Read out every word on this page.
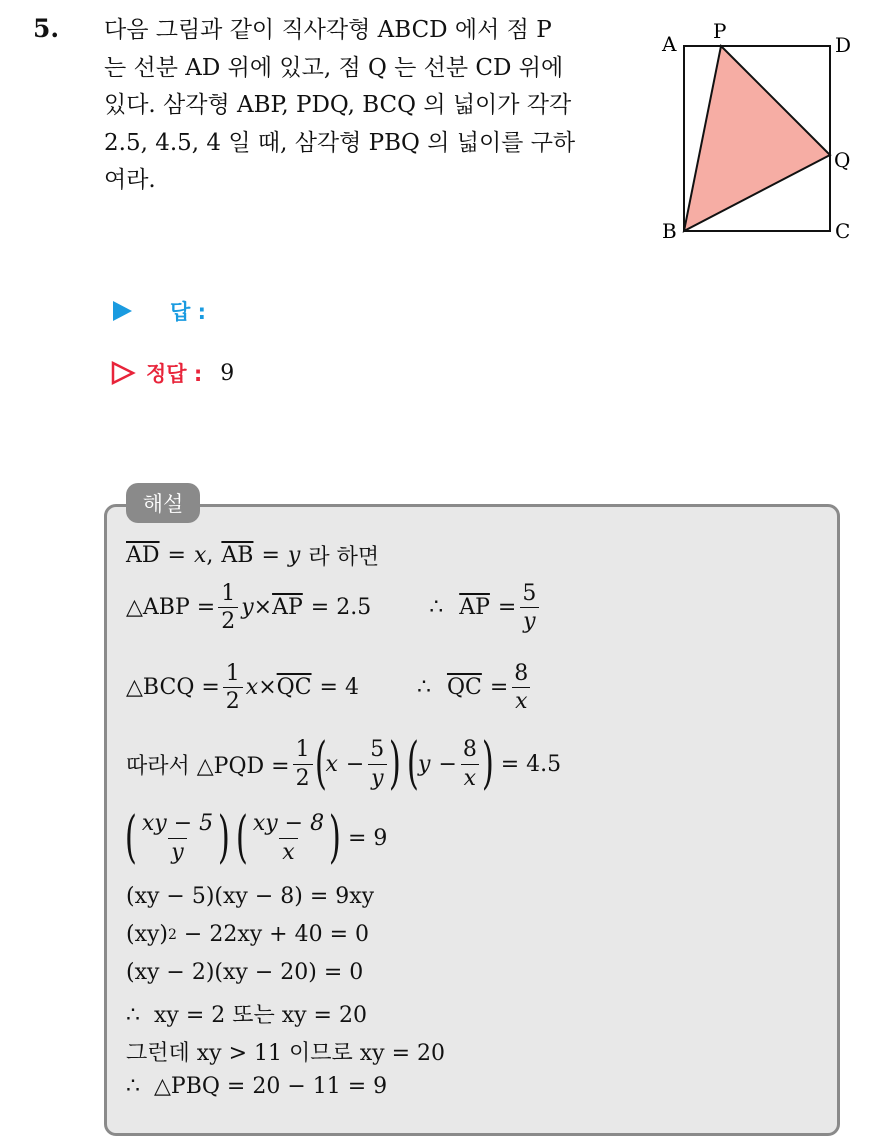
5. 다음 그림과 같이 직사각형 ABCD 에서 점 P
는 선분 AD 위에 있고, 점 Q 는 선분 CD 위에
있다. 삼각형 ABP, PDQ, BCQ 의 넓이가 각각
2.5, 4.5, 4 일 때, 삼각형 PBQ 의 넓이를 구하
여라.
A
P
D
Q
B	C
답 :
정답 : 9
해설
$\overline{AD} = x$ , $\overline{AB} = y$ 라 하면
△ABP = $\frac{1}{2}$ $y \times \overline{AP} = 2.5$	∴ $\overline{AP} = \frac{5}{y}$
△BCQ = $\frac{1}{2}$ $x \times \overline{QC} = 4$	∴ $\overline{QC} = \frac{8}{x}$
따라서 △PQD = $\frac{1}{2}$ (
$x - \frac{5}{y}$ ) (
$y - \frac{8}{x}$ ) = 4.5
( $\frac{xy - 5}{y}$ ) ( $\frac{xy - 8}{x}$ ) = 9
(xy − 5)(xy − 8) = 9xy
(xy) 2 − 22xy + 40 = 0
(xy − 2)(xy − 20) = 0
∴  xy = 2 또는 xy = 20
그런데 xy > 11 이므로 xy = 20
∴  △PBQ = 20 − 11 = 9
